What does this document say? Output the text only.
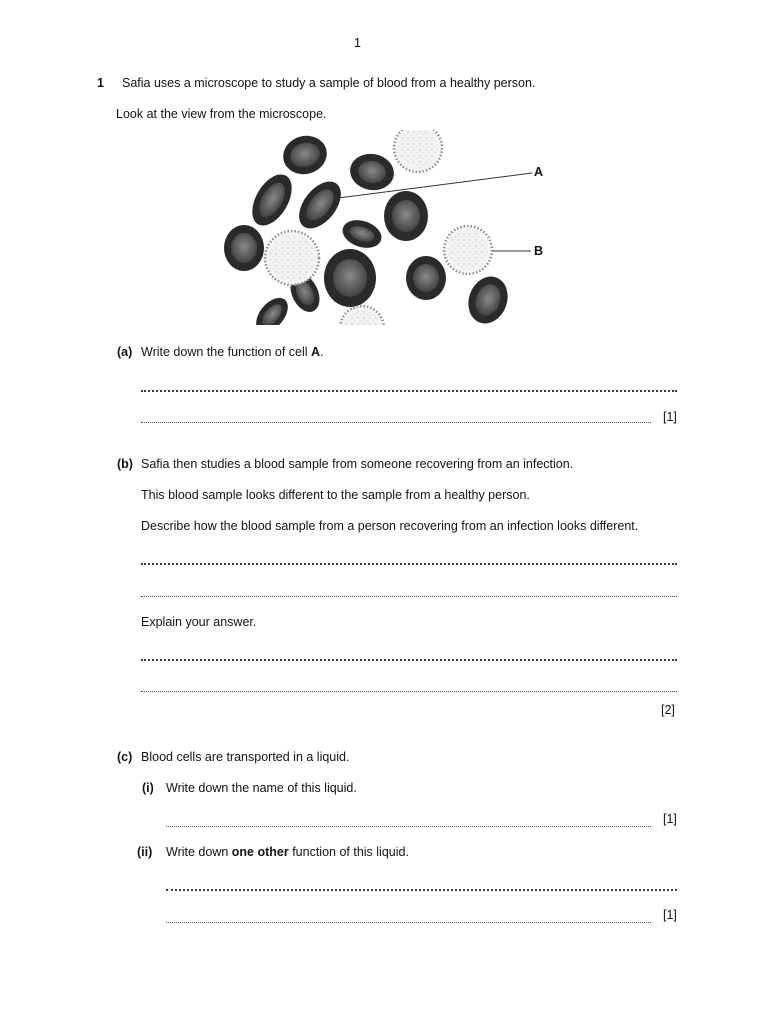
1
1 Safia uses a microscope to study a sample of blood from a healthy person.
Look at the view from the microscope.
A
B
(a) Write down the function of cell A.
[1]
(b) Safia then studies a blood sample from someone recovering from an infection.
This blood sample looks different to the sample from a healthy person.
Describe how the blood sample from a person recovering from an infection looks different.
Explain your answer.
[2]
(c) Blood cells are transported in a liquid.
(i) Write down the name of this liquid.
[1]
(ii) Write down one other function of this liquid.
[1]
